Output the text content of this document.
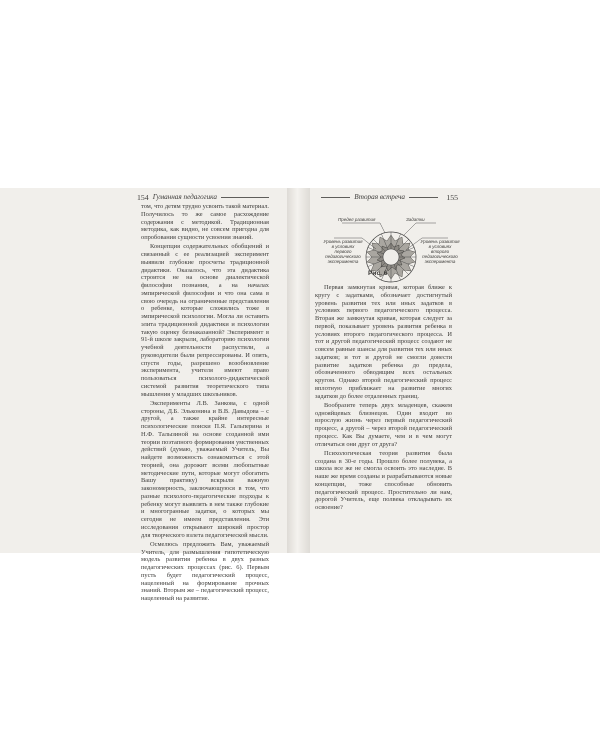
154 Гуманная педагогика

том, что детям трудно усвоить такой материал. Получилось то же самое расхождение содержания с методикой. Традиционная методика, как видно, не совсем пригодна для опробования сущности усвоения знаний.

Концепция содержательных обобщений и связанный с ее реализацией эксперимент выявили глубокие просчеты традиционной дидактики. Оказалось, что эта дидактика строится не на основе диалектической философии познания, а на началах эмпирической философии и что она сама в свою очередь на ограниченные представления о ребенке, которые сложились тоже в эмпирической психологии. Могла ли оставить элита традиционной дидактики и психологии такую оценку безнаказанной? Эксперимент в 91-й школе закрыли, лабораторию психологии учебной деятельности распустили, а руководители были репрессированы. И опять, спустя годы, разрешено возобновление эксперимента, учителя имеют право пользоваться психолого-дидактической системой развития теоретического типа мышления у младших школьников.

Эксперименты Л.В. Занкова, с одной стороны, Д.Б. Эльконина и В.В. Давыдова – с другой, а также крайне интересные психологические поиски П.Я. Гальперина и Н.Ф. Талызиной на основе созданной ими теории поэтапного формирования умственных действий (думаю, уважаемый Учитель, Вы найдете возможность ознакомиться с этой теорией, она дорожит всеми любопытные методические пути, которые могут обогатить Вашу практику) вскрыли важную закономерность, заключающуюся в том, что разные психолого-педагогические подходы к ребенку могут выявлять в нем также глубокие и многогранные задатки, о которых мы сегодня не имеем представления. Эти исследования открывают широкий простор для творческого взлета педагогической мысли.

Осмелюсь предложить Вам, уважаемый Учитель, для размышления гипотетическую модель развития ребенка в двух разных педагогических процессах (рис. 6). Первым пусть будет педагогический процесс, нацеленный на формирование прочных знаний. Вторым же – педагогический процесс, нацеленный на развитие.

Вторая встреча	155
Предел развития	Задатки
Уровень развития в условиях первого педагогического эксперимента
Уровень развития в условиях второго педагогического эксперимента
Рис. 6

Первая замкнутая кривая, которая ближе к кругу с задатками, обозначает достигнутый уровень развития тех или иных задатков в условиях первого педагогического процесса. Вторая же замкнутая кривая, которая следует за первой, показывает уровень развития ребенка в условиях второго педагогического процесса. И тот и другой педагогический процесс создают не совсем равные шансы для развития тех или иных задатков; и тот и другой не смогли довести развитие задатков ребенка до предела, обозначенного обводящим всех остальных кругом. Однако второй педагогический процесс вплотную приближает на развитие многих задатков до более отдаленных границ.

Вообразите теперь двух младенцев, скажем однояйцевых близнецов. Один входит во взрослую жизнь через первый педагогический процесс, а другой – через второй педагогический процесс. Как Вы думаете, чем и в чем могут отличаться они друг от друга?

Психологическая теория развития была создана в 30-е годы. Прошло более полувека, а школа все же не смогла освоить это наследие. В наше же время созданы и разрабатываются новые концепции, тоже способные обновить педагогический процесс. Простительно ли нам, дорогой Учитель, еще полвека откладывать их освоение?
